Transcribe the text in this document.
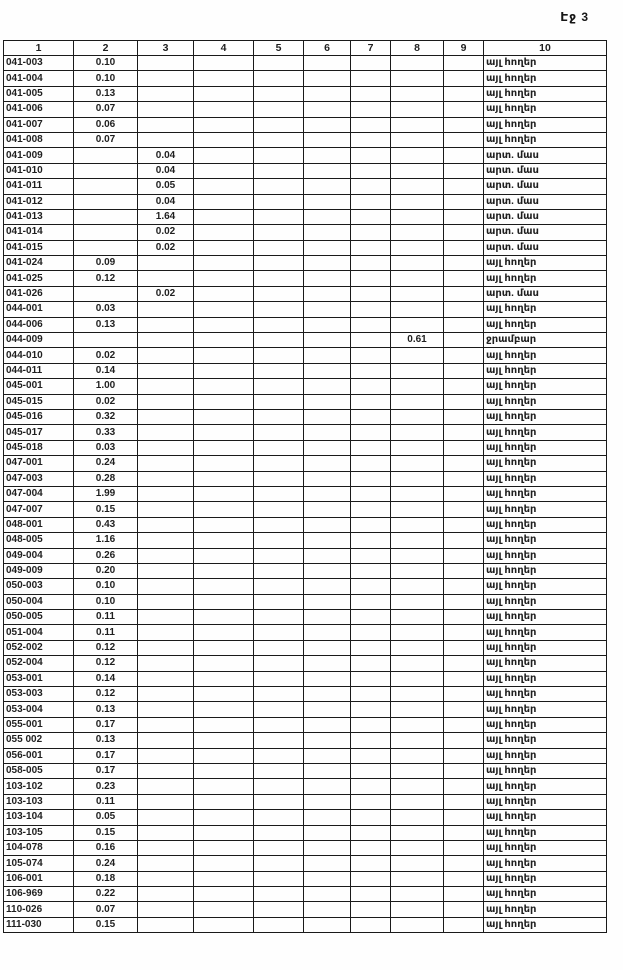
Էջ 3
1	2	3	4	5	6	7	8	9	10
041-003	0.10								այլ հողեր
041-004	0.10								այլ հողեր
041-005	0.13								այլ հողեր
041-006	0.07								այլ հողեր
041-007	0.06								այլ հողեր
041-008	0.07								այլ հողեր
041-009		0.04							արտ. մաս
041-010		0.04							արտ. մաս
041-011		0.05							արտ. մաս
041-012		0.04							արտ. մաս
041-013		1.64							արտ. մաս
041-014		0.02							արտ. մաս
041-015		0.02							արտ. մաս
041-024	0.09								այլ հողեր
041-025	0.12								այլ հողեր
041-026		0.02							արտ. մաս
044-001	0.03								այլ հողեր
044-006	0.13								այլ հողեր
044-009							0.61		ջրամբար
044-010	0.02								այլ հողեր
044-011	0.14								այլ հողեր
045-001	1.00								այլ հողեր
045-015	0.02								այլ հողեր
045-016	0.32								այլ հողեր
045-017	0.33								այլ հողեր
045-018	0.03								այլ հողեր
047-001	0.24								այլ հողեր
047-003	0.28								այլ հողեր
047-004	1.99								այլ հողեր
047-007	0.15								այլ հողեր
048-001	0.43								այլ հողեր
048-005	1.16								այլ հողեր
049-004	0.26								այլ հողեր
049-009	0.20								այլ հողեր
050-003	0.10								այլ հողեր
050-004	0.10								այլ հողեր
050-005	0.11								այլ հողեր
051-004	0.11								այլ հողեր
052-002	0.12								այլ հողեր
052-004	0.12								այլ հողեր
053-001	0.14								այլ հողեր
053-003	0.12								այլ հողեր
053-004	0.13								այլ հողեր
055-001	0.17								այլ հողեր
055 002	0.13								այլ հողեր
056-001	0.17								այլ հողեր
058-005	0.17								այլ հողեր
103-102	0.23								այլ հողեր
103-103	0.11								այլ հողեր
103-104	0.05								այլ հողեր
103-105	0.15								այլ հողեր
104-078	0.16								այլ հողեր
105-074	0.24								այլ հողեր
106-001	0.18								այլ հողեր
106-969	0.22								այլ հողեր
110-026	0.07								այլ հողեր
111-030	0.15								այլ հողեր
